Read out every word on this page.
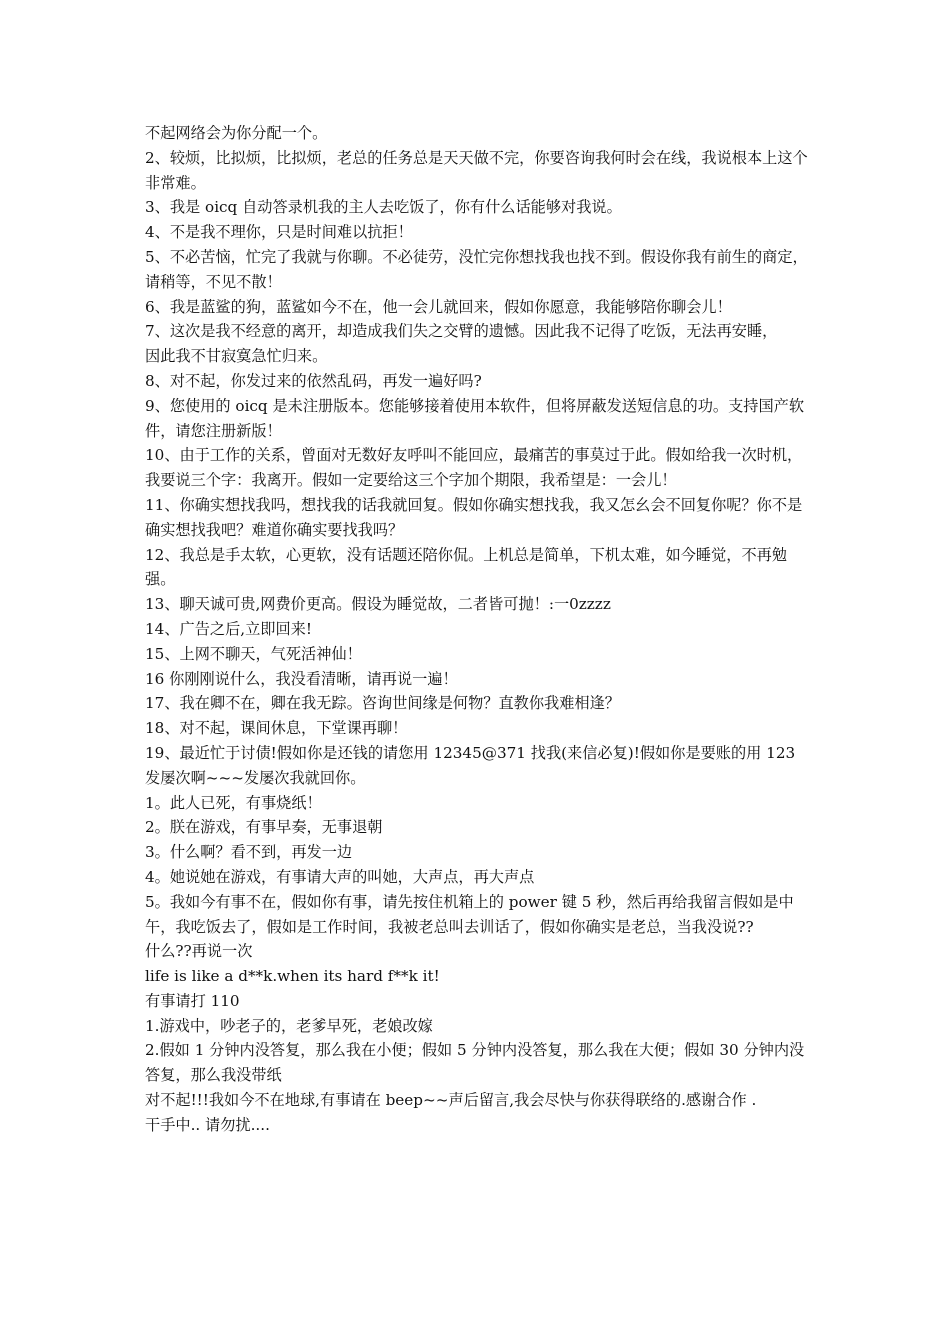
不起网络会为你分配一个。

2、较烦，比拟烦，比拟烦，老总的任务总是天天做不完，你要咨询我何时会在线，我说根本上这个非常难。

3、我是 oicq 自动答录机我的主人去吃饭了，你有什么话能够对我说。

4、不是我不理你，只是时间难以抗拒！

5、不必苦恼，忙完了我就与你聊。不必徒劳，没忙完你想找我也找不到。假设你我有前生的商定，请稍等，不见不散！

6、我是蓝鲨的狗，蓝鲨如今不在，他一会儿就回来，假如你愿意，我能够陪你聊会儿！

7、这次是我不经意的离开，却造成我们失之交臂的遗憾。因此我不记得了吃饭，无法再安睡，

因此我不甘寂寞急忙归来。

8、对不起，你发过来的依然乱码，再发一遍好吗?

9、您使用的 oicq 是未注册版本。您能够接着使用本软件，但将屏蔽发送短信息的功。支持国产软件，请您注册新版！

10、由于工作的关系，曾面对无数好友呼叫不能回应，最痛苦的事莫过于此。假如给我一次时机，我要说三个字：我离开。假如一定要给这三个字加个期限，我希望是：一会儿！

11、你确实想找我吗，想找我的话我就回复。假如你确实想找我，我又怎幺会不回复你呢？你不是确实想找我吧？难道你确实要找我吗？

12、我总是手太软，心更软，没有话题还陪你侃。上机总是简单，下机太难，如今睡觉，不再勉强。

13、聊天诚可贵,网费价更高。假设为睡觉故，二者皆可抛！:一0zzzz

14、广告之后,立即回来!

15、上网不聊天，气死活神仙！

16 你刚刚说什么，我没看清晰，请再说一遍！

17、我在卿不在，卿在我无踪。咨询世间缘是何物？直教你我难相逢？

18、对不起，课间休息，下堂课再聊！

19、最近忙于讨债!假如你是还钱的请您用 12345@371 找我(来信必复)!假如你是要账的用 123

发屡次啊~~~发屡次我就回你。

1。此人已死，有事烧纸！

2。朕在游戏，有事早奏，无事退朝

3。什么啊？看不到，再发一边

4。她说她在游戏，有事请大声的叫她，大声点，再大声点

5。我如今有事不在，假如你有事，请先按住机箱上的 power 键 5 秒，然后再给我留言假如是中午，我吃饭去了，假如是工作时间，我被老总叫去训话了，假如你确实是老总，当我没说??

什么??再说一次

life is like a d**k.when its hard f**k it!

有事请打 110

1.游戏中，吵老子的，老爹早死，老娘改嫁

2.假如 1 分钟内没答复，那么我在小便；假如 5 分钟内没答复，那么我在大便；假如 30 分钟内没答复，那么我没带纸

对不起!!!我如今不在地球,有事请在 beep~~声后留言,我会尽快与你获得联络的.感谢合作 .

干手中.. 请勿扰....
